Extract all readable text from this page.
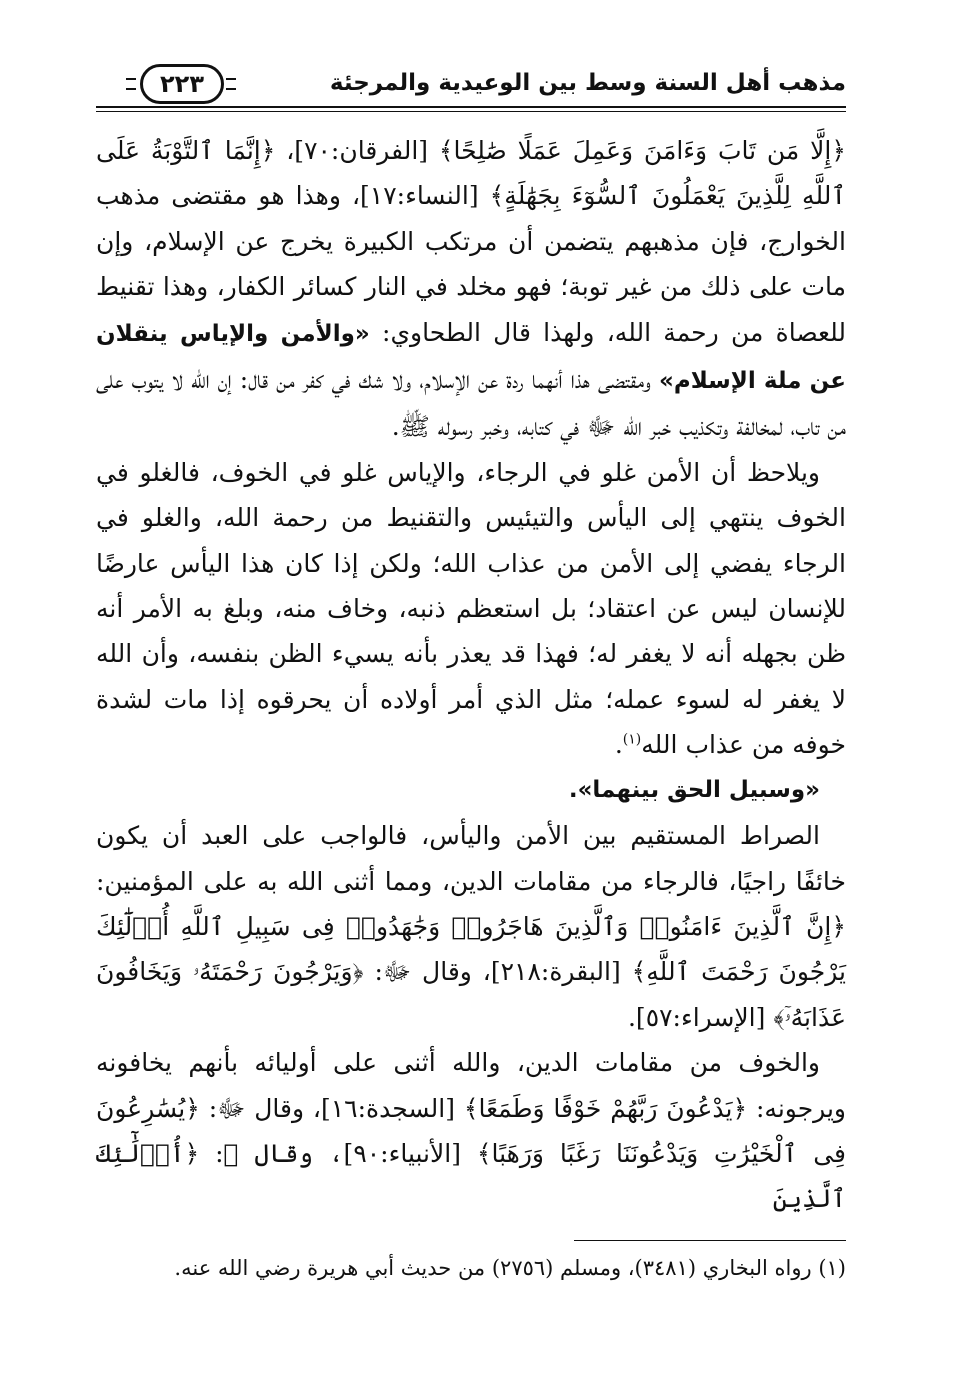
مذهب أهل السنة وسط بين الوعيدية والمرجئة
٢٢٣

﴿إِلَّا مَن تَابَ وَءَامَنَ وَعَمِلَ عَمَلًا صَٰلِحًا﴾ [الفرقان:٧٠]، ﴿إِنَّمَا ٱلتَّوْبَةُ عَلَى ٱللَّهِ لِلَّذِينَ يَعْمَلُونَ ٱلسُّوٓءَ بِجَهَٰلَةٍ﴾ [النساء:١٧]، وهذا هو مقتضى مذهب الخوارج، فإن مذهبهم يتضمن أن مرتكب الكبيرة يخرج عن الإسلام، وإن مات على ذلك من غير توبة؛ فهو مخلد في النار كسائر الكفار، وهذا تقنيط للعصاة من رحمة الله، ولهذا قال الطحاوي: «والأمن والإياس ينقلان عن ملة الإسلام» ومقتضى هذا أنهما ردة عن الإسلام، ولا شك في كفر من قال: إن الله لا يتوب على من تاب، لمخالفة وتكذيب خبر الله ﷻ في كتابه، وخبر رسوله ﷺ.

ويلاحظ أن الأمن غلو في الرجاء، والإياس غلو في الخوف، فالغلو في الخوف ينتهي إلى اليأس والتيئيس والتقنيط من رحمة الله، والغلو في الرجاء يفضي إلى الأمن من عذاب الله؛ ولكن إذا كان هذا اليأس عارضًا للإنسان ليس عن اعتقاد؛ بل استعظم ذنبه، وخاف منه، وبلغ به الأمر أنه ظن بجهله أنه لا يغفر له؛ فهذا قد يعذر بأنه يسيء الظن بنفسه، وأن الله لا يغفر له لسوء عمله؛ مثل الذي أمر أولاده أن يحرقوه إذا مات لشدة خوفه من عذاب الله$^{(١)}$.

«وسبيل الحق بينهما».

الصراط المستقيم بين الأمن واليأس، فالواجب على العبد أن يكون خائفًا راجيًا، فالرجاء من مقامات الدين، ومما أثنى الله به على المؤمنين: ﴿إِنَّ ٱلَّذِينَ ءَامَنُوا۟ وَٱلَّذِينَ هَاجَرُوا۟ وَجَٰهَدُوا۟ فِى سَبِيلِ ٱللَّهِ أُو۟لَٰٓئِكَ يَرْجُونَ رَحْمَتَ ٱللَّهِ﴾ [البقرة:٢١٨]، وقال ﷻ: ﴿وَيَرْجُونَ رَحْمَتَهُۥ وَيَخَافُونَ عَذَابَهُۥٓ﴾ [الإسراء:٥٧].

والخوف من مقامات الدين، والله أثنى على أوليائه بأنهم يخافونه ويرجونه: ﴿يَدْعُونَ رَبَّهُمْ خَوْفًا وَطَمَعًا﴾ [السجدة:١٦]، وقال ﷻ: ﴿يُسَٰرِعُونَ فِى ٱلْخَيْرَٰتِ وَيَدْعُونَنَا رَغَبًا وَرَهَبًا﴾ [الأنبياء:٩٠]، وقال ﷻ: ﴿أُو۟لَٰٓئِكَ ٱلَّذِينَ

(١) رواه البخاري (٣٤٨١)، ومسلم (٢٧٥٦) من حديث أبي هريرة رضي الله عنه.
